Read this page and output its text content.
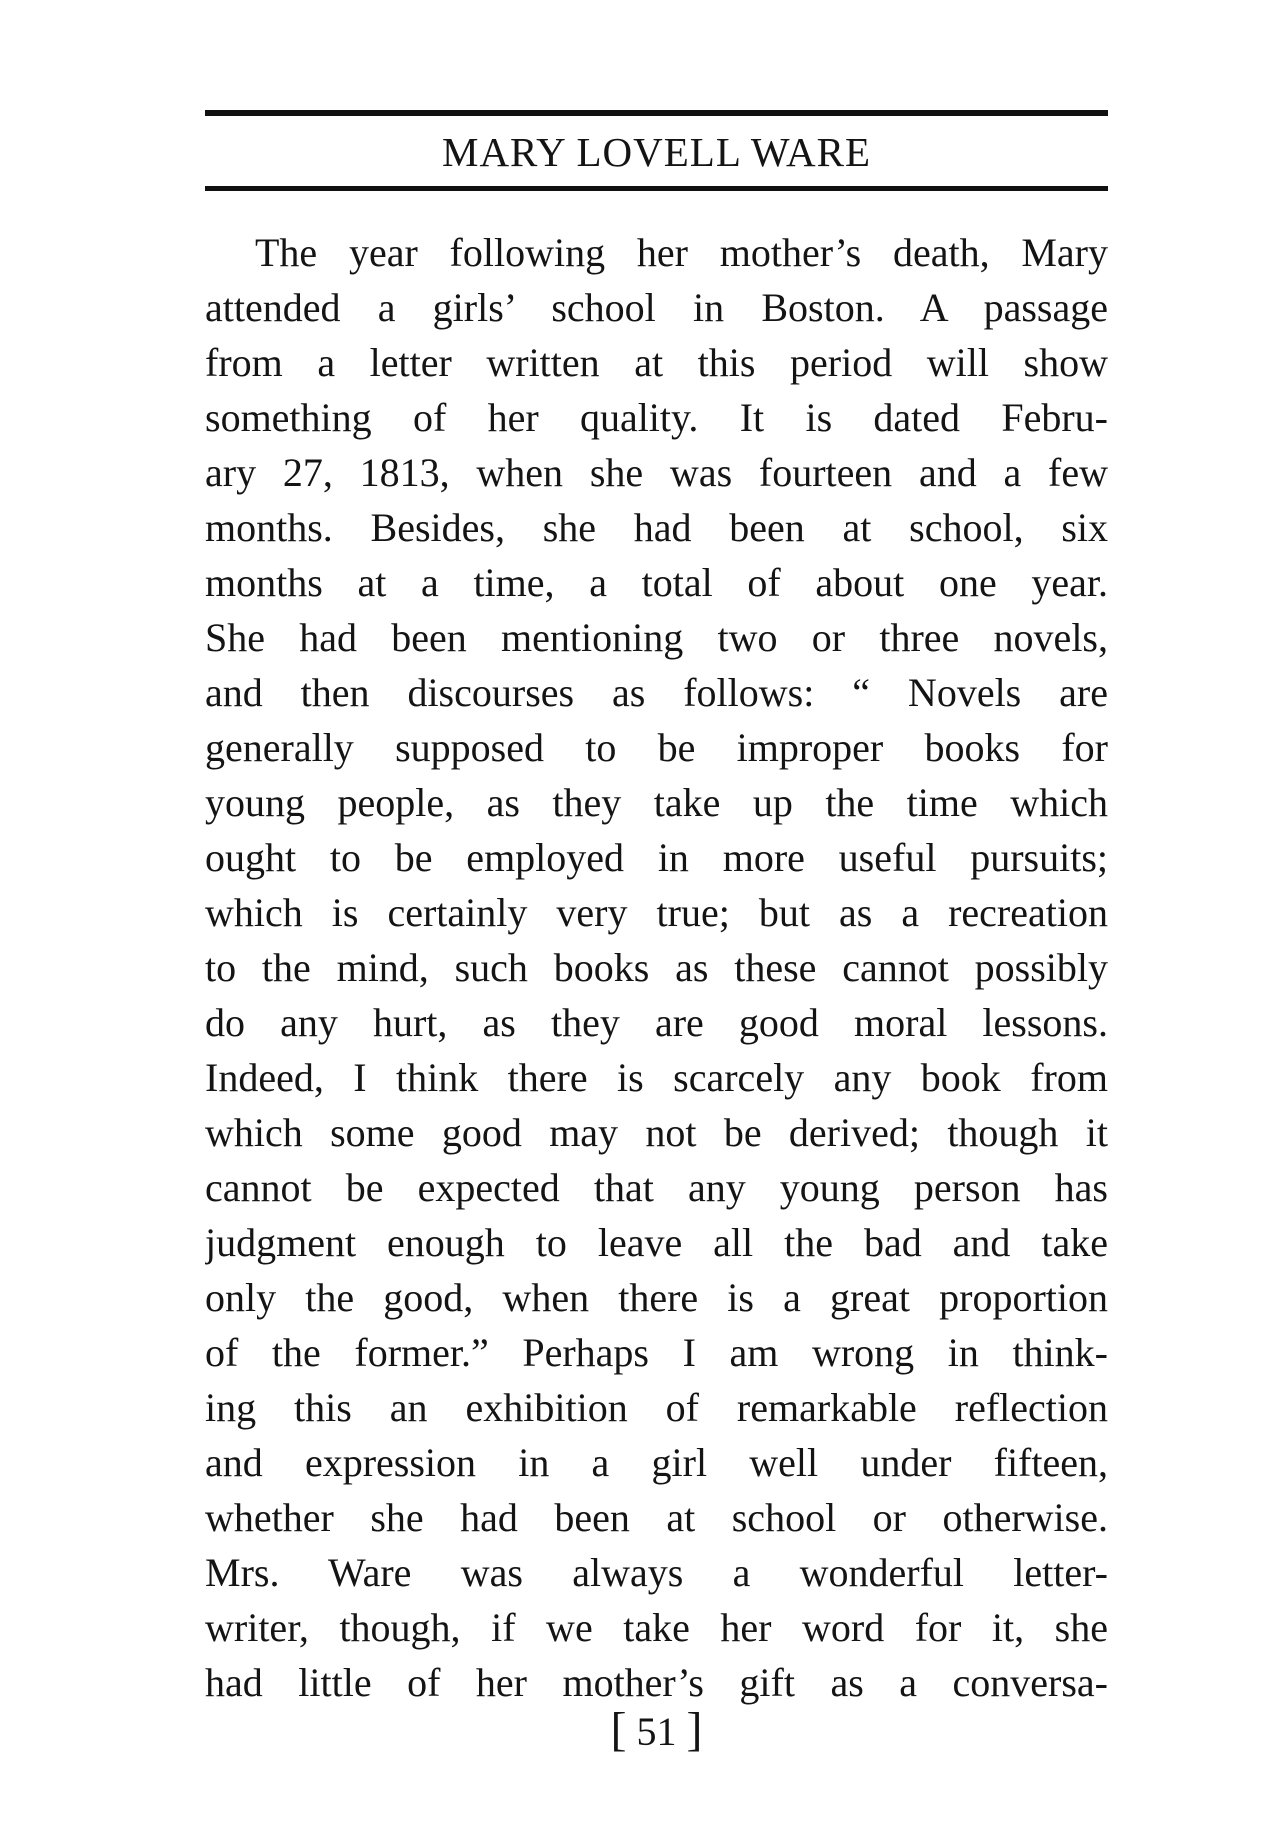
MARY LOVELL WARE
The year following her mother’s death, Mary
attended a girls’ school in Boston. A passage
from a letter written at this period will show
something of her quality. It is dated Febru-
ary 27, 1813, when she was fourteen and a few
months. Besides, she had been at school, six
months at a time, a total of about one year.
She had been mentioning two or three novels,
and then discourses as follows: “ Novels are
generally supposed to be improper books for
young people, as they take up the time which
ought to be employed in more useful pursuits;
which is certainly very true; but as a recreation
to the mind, such books as these cannot possibly
do any hurt, as they are good moral lessons.
Indeed, I think there is scarcely any book from
which some good may not be derived; though it
cannot be expected that any young person has
judgment enough to leave all the bad and take
only the good, when there is a great proportion
of the former.” Perhaps I am wrong in think-
ing this an exhibition of remarkable reflection
and expression in a girl well under fifteen,
whether she had been at school or otherwise.
Mrs. Ware was always a wonderful letter-
writer, though, if we take her word for it, she
had little of her mother’s gift as a conversa-
[ 51 ]
